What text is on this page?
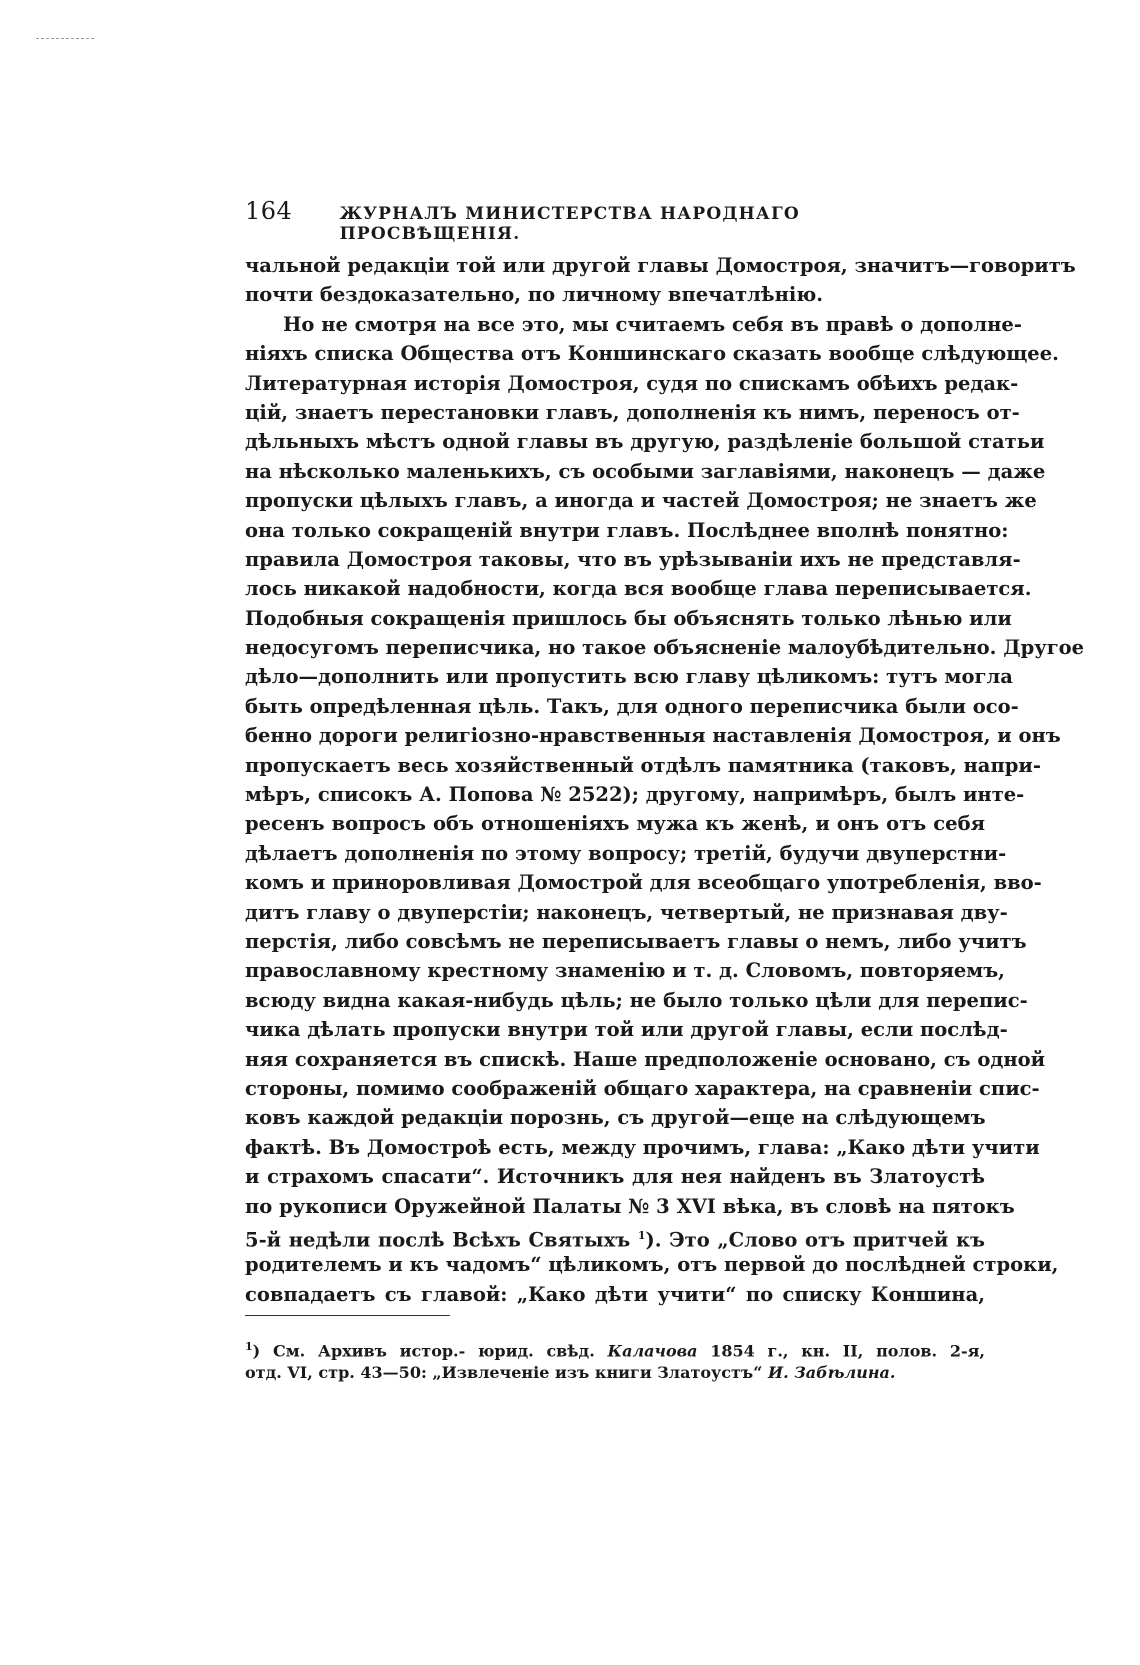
164	ЖУРНАЛЪ МИНИСТЕРСТВА НАРОДНАГО ПРОСВѢЩЕНІЯ.
чальной редакціи той или другой главы Домостроя, значитъ—говоритъ
почти бездоказательно, по личному впечатлѣнію.
Но не смотря на все это, мы считаемъ себя въ правѣ о дополне-
ніяхъ списка Общества отъ Коншинскаго сказать вообще слѣдующее.
Литературная исторія Домостроя, судя по спискамъ обѣихъ редак-
цій, знаетъ перестановки главъ, дополненія къ нимъ, переносъ от-
дѣльныхъ мѣстъ одной главы въ другую, раздѣленіе большой статьи
на нѣсколько маленькихъ, съ особыми заглавіями, наконецъ — даже
пропуски цѣлыхъ главъ, а иногда и частей Домостроя; не знаетъ же
она только сокращеній внутри главъ. Послѣднее вполнѣ понятно:
правила Домостроя таковы, что въ урѣзываніи ихъ не представля-
лось никакой надобности, когда вся вообще глава переписывается.
Подобныя сокращенія пришлось бы объяснять только лѣнью или
недосугомъ переписчика, но такое объясненіе малоубѣдительно. Другое
дѣло—дополнить или пропустить всю главу цѣликомъ: тутъ могла
быть опредѣленная цѣль. Такъ, для одного переписчика были осо-
бенно дороги религіозно-нравственныя наставленія Домостроя, и онъ
пропускаетъ весь хозяйственный отдѣлъ памятника (таковъ, напри-
мѣръ, списокъ А. Попова № 2522); другому, напримѣръ, былъ инте-
ресенъ вопросъ объ отношеніяхъ мужа къ женѣ, и онъ отъ себя
дѣлаетъ дополненія по этому вопросу; третій, будучи двуперстни-
комъ и приноровливая Домострой для всеобщаго употребленія, вво-
дитъ главу о двуперстіи; наконецъ, четвертый, не признавая дву-
перстія, либо совсѣмъ не переписываетъ главы о немъ, либо учитъ
православному крестному знаменію и т. д. Словомъ, повторяемъ,
всюду видна какая-нибудь цѣль; не было только цѣли для перепис-
чика дѣлать пропуски внутри той или другой главы, если послѣд-
няя сохраняется въ спискѣ. Наше предположеніе основано, съ одной
стороны, помимо соображеній общаго характера, на сравненіи спис-
ковъ каждой редакціи порознь, съ другой—еще на слѣдующемъ
фактѣ. Въ Домостроѣ есть, между прочимъ, глава: „Како дѣти учити
и страхомъ спасати“. Источникъ для нея найденъ въ Златоустѣ
по рукописи Оружейной Палаты № 3 XVI вѣка, въ словѣ на пятокъ
5-й недѣли послѣ Всѣхъ Святыхъ $^1$). Это „Слово отъ притчей къ
родителемъ и къ чадомъ“ цѣликомъ, отъ первой до послѣдней строки,
совпадаетъ съ главой: „Како дѣти учити“ по списку Коншина,
$^1$) См. Архивъ истор.- юрид. свѣд. Калачова 1854 г., кн. II, полов. 2-я,
отд. VI, стр. 43—50: „Извлеченіе изъ книги Златоустъ“ И. Забѣлина.
